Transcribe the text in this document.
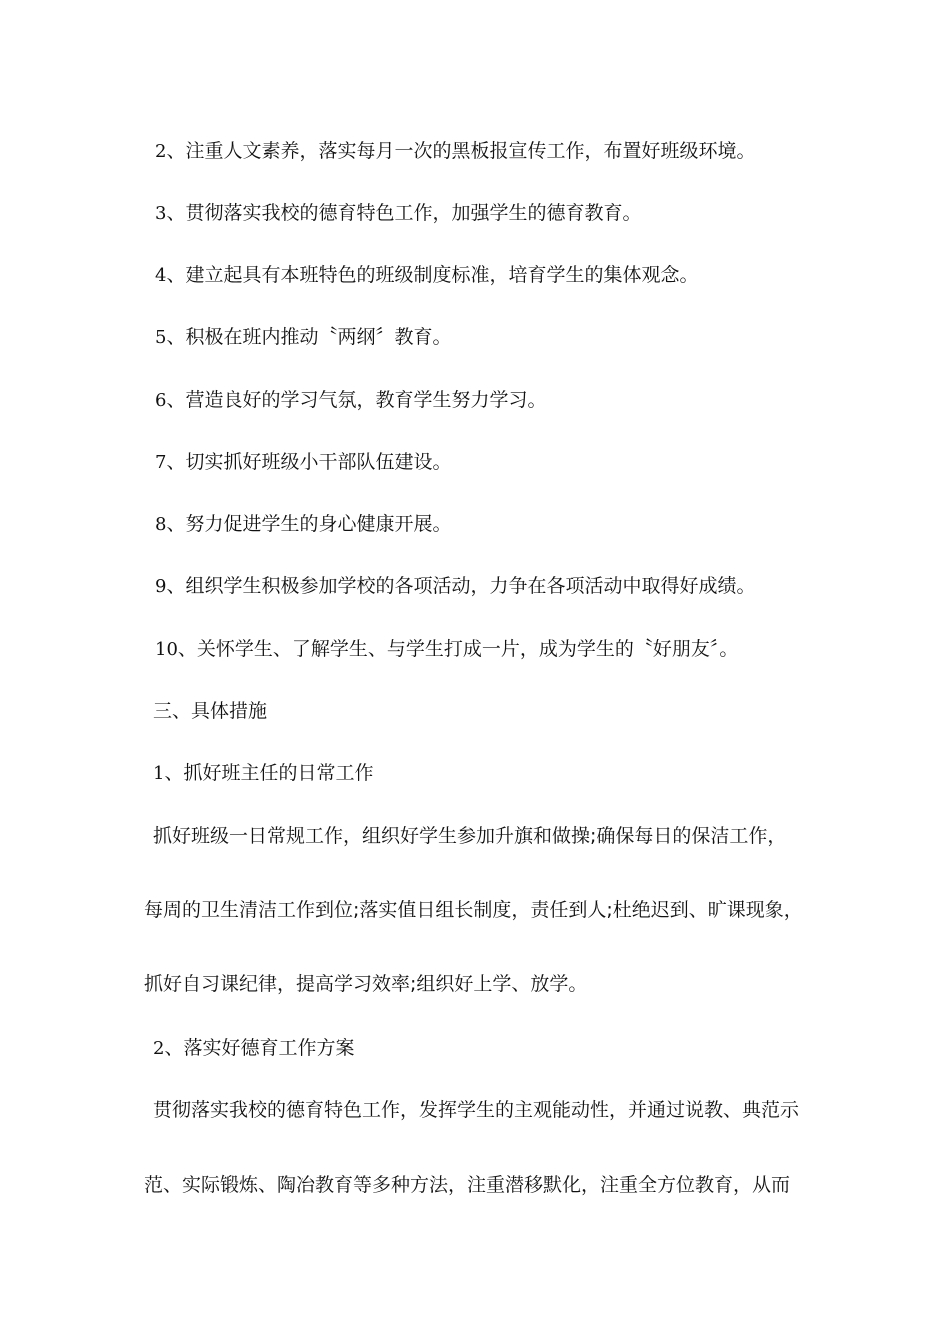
2、注重人文素养，落实每月一次的黑板报宣传工作，布置好班级环境。
3、贯彻落实我校的德育特色工作，加强学生的德育教育。
4、建立起具有本班特色的班级制度标准，培育学生的集体观念。
5、积极在班内推动〝两纲〞教育。
6、营造良好的学习气氛，教育学生努力学习。
7、切实抓好班级小干部队伍建设。
8、努力促进学生的身心健康开展。
9、组织学生积极参加学校的各项活动，力争在各项活动中取得好成绩。
10、关怀学生、了解学生、与学生打成一片，成为学生的〝好朋友〞。
三、具体措施
1、抓好班主任的日常工作
抓好班级一日常规工作，组织好学生参加升旗和做操;确保每日的保洁工作，
每周的卫生清洁工作到位;落实值日组长制度，责任到人;杜绝迟到、旷课现象，
抓好自习课纪律，提高学习效率;组织好上学、放学。
2、落实好德育工作方案
贯彻落实我校的德育特色工作，发挥学生的主观能动性，并通过说教、典范示
范、实际锻炼、陶冶教育等多种方法，注重潜移默化，注重全方位教育，从而
